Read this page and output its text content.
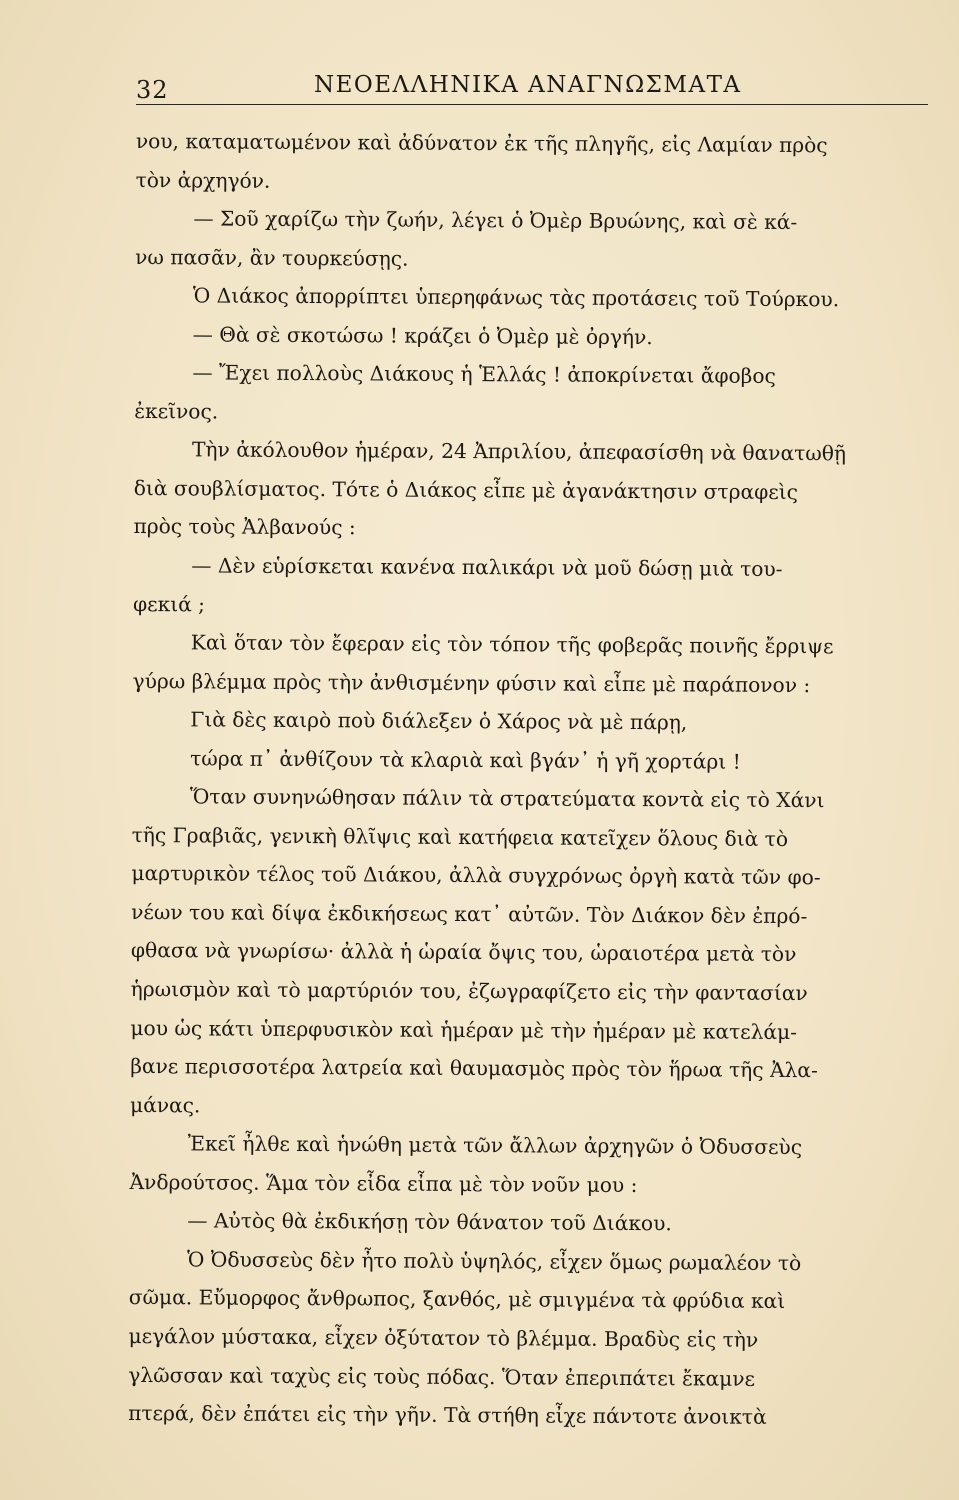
32	ΝΕΟΕΛΛΗΝΙΚΑ ΑΝΑΓΝΩΣΜΑΤΑ
νου, καταματωμένον καὶ ἀδύνατον ἐκ τῆς πληγῆς, εἰς Λαμίαν πρὸς
τὸν ἀρχηγόν.
— Σοῦ χαρίζω τὴν ζωήν, λέγει ὁ Ὀμὲρ Βρυώνης, καὶ σὲ κά-
νω πασᾶν, ἂν τουρκεύσῃς.
Ὁ Διάκος ἀπορρίπτει ὑπερηφάνως τὰς προτάσεις τοῦ Τούρκου.
— Θὰ σὲ σκοτώσω ! κράζει ὁ Ὀμὲρ μὲ ὀργήν.
— Ἔχει πολλοὺς Διάκους ἡ Ἑλλάς ! ἀποκρίνεται ἄφοβος
ἐκεῖνος.
Τὴν ἀκόλουθον ἡμέραν, 24 Ἀπριλίου, ἀπεφασίσθη νὰ θανατωθῇ
διὰ σουβλίσματος. Τότε ὁ Διάκος εἶπε μὲ ἀγανάκτησιν στραφεὶς
πρὸς τοὺς Ἀλβανούς :
— Δὲν εὑρίσκεται κανένα παλικάρι νὰ μοῦ δώσῃ μιὰ του-
φεκιά ;
Καὶ ὅταν τὸν ἔφεραν εἰς τὸν τόπον τῆς φοβερᾶς ποινῆς ἔρριψε
γύρω βλέμμα πρὸς τὴν ἀνθισμένην φύσιν καὶ εἶπε μὲ παράπονον :
Γιὰ δὲς καιρὸ ποὺ διάλεξεν ὁ Χάρος νὰ μὲ πάρῃ,
τώρα π᾿ ἀνθίζουν τὰ κλαριὰ καὶ βγάν᾿ ἡ γῆ χορτάρι !
Ὅταν συνηνώθησαν πάλιν τὰ στρατεύματα κοντὰ εἰς τὸ Χάνι
τῆς Γραβιᾶς, γενικὴ θλῖψις καὶ κατήφεια κατεῖχεν ὅλους διὰ τὸ
μαρτυρικὸν τέλος τοῦ Διάκου, ἀλλὰ συγχρόνως ὀργὴ κατὰ τῶν φο-
νέων του καὶ δίψα ἐκδικήσεως κατ᾿ αὐτῶν. Τὸν Διάκον δὲν ἐπρό-
φθασα νὰ γνωρίσω· ἀλλὰ ἡ ὡραία ὄψις του, ὡραιοτέρα μετὰ τὸν
ἡρωισμὸν καὶ τὸ μαρτύριόν του, ἐζωγραφίζετο εἰς τὴν φαντασίαν
μου ὡς κάτι ὑπερφυσικὸν καὶ ἡμέραν μὲ τὴν ἡμέραν μὲ κατελάμ-
βανε περισσοτέρα λατρεία καὶ θαυμασμὸς πρὸς τὸν ἥρωα τῆς Ἀλα-
μάνας.
Ἐκεῖ ἦλθε καὶ ἡνώθη μετὰ τῶν ἄλλων ἀρχηγῶν ὁ Ὀδυσσεὺς
Ἀνδρούτσος. Ἅμα τὸν εἶδα εἶπα μὲ τὸν νοῦν μου :
— Αὐτὸς θὰ ἐκδικήσῃ τὸν θάνατον τοῦ Διάκου.
Ὁ Ὀδυσσεὺς δὲν ἦτο πολὺ ὑψηλός, εἶχεν ὅμως ρωμαλέον τὸ
σῶμα. Εὔμορφος ἄνθρωπος, ξανθός, μὲ σμιγμένα τὰ φρύδια καὶ
μεγάλον μύστακα, εἶχεν ὀξύτατον τὸ βλέμμα. Βραδὺς εἰς τὴν
γλῶσσαν καὶ ταχὺς εἰς τοὺς πόδας. Ὅταν ἐπεριπάτει ἔκαμνε
πτερά, δὲν ἐπάτει εἰς τὴν γῆν. Τὰ στήθη εἶχε πάντοτε ἀνοικτὰ
